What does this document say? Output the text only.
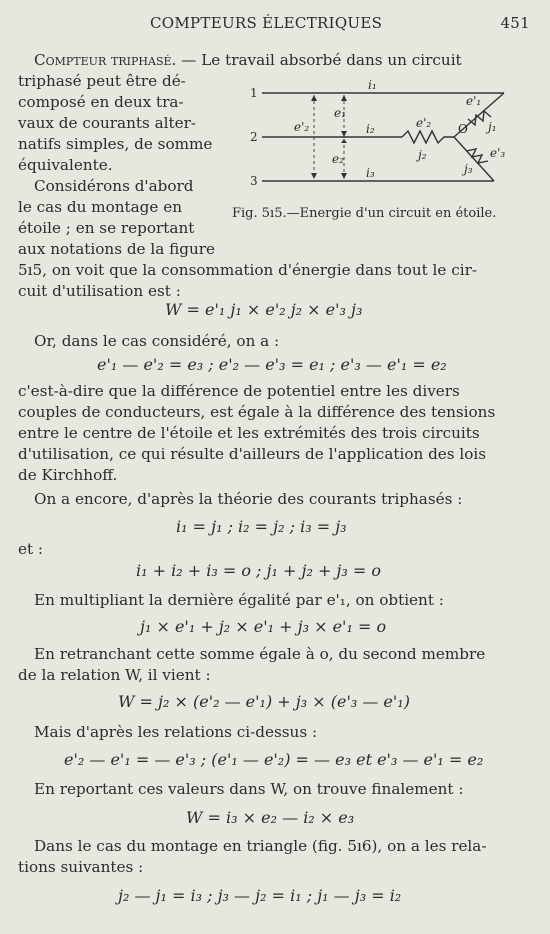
COMPTEURS ÉLECTRIQUES	451
Compteur triphasé. — Le travail absorbé dans un circuit
triphasé peut être dé-
composé en deux tra-
vaux de courants alter-
natifs simples, de somme
équivalente.
Considérons d'abord
le cas du montage en
étoile ; en se reportant
aux notations de la figure
5ı5, on voit que la consommation d'énergie dans tout le cir-
cuit d'utilisation est :
1
2
3
i₁
i₂
i₃
e'₂
e₁
e₂
e'₂
j₂
O
e'₁
j₁
e'₃
j₃
Fig. 5ı5.—Energie d'un circuit en étoile.
W = e'₁ j₁ × e'₂ j₂ × e'₃ j₃
Or, dans le cas considéré, on a :
e'₁ — e'₂ = e₃ ; e'₂ — e'₃ = e₁ ; e'₃ — e'₁ = e₂
c'est-à-dire que la différence de potentiel entre les divers
couples de conducteurs, est égale à la différence des tensions
entre le centre de l'étoile et les extrémités des trois circuits
d'utilisation, ce qui résulte d'ailleurs de l'application des lois
de Kirchhoff.
On a encore, d'après la théorie des courants triphasés :
i₁ = j₁ ; i₂ = j₂ ; i₃ = j₃
et :
i₁ + i₂ + i₃ = o ; j₁ + j₂ + j₃ = o
En multipliant la dernière égalité par e'₁, on obtient :
j₁ × e'₁ + j₂ × e'₁ + j₃ × e'₁ = o
En retranchant cette somme égale à o, du second membre
de la relation W, il vient :
W = j₂ × (e'₂ — e'₁) + j₃ × (e'₃ — e'₁)
Mais d'après les relations ci-dessus :
e'₂ — e'₁ = — e'₃ ; (e'₁ — e'₂) = — e₃ et e'₃ — e'₁ = e₂
En reportant ces valeurs dans W, on trouve finalement :
W = i₃ × e₂ — i₂ × e₃
Dans le cas du montage en triangle (fig. 5ı6), on a les rela-
tions suivantes :
j₂ — j₁ = i₃ ; j₃ — j₂ = i₁ ; j₁ — j₃ = i₂
